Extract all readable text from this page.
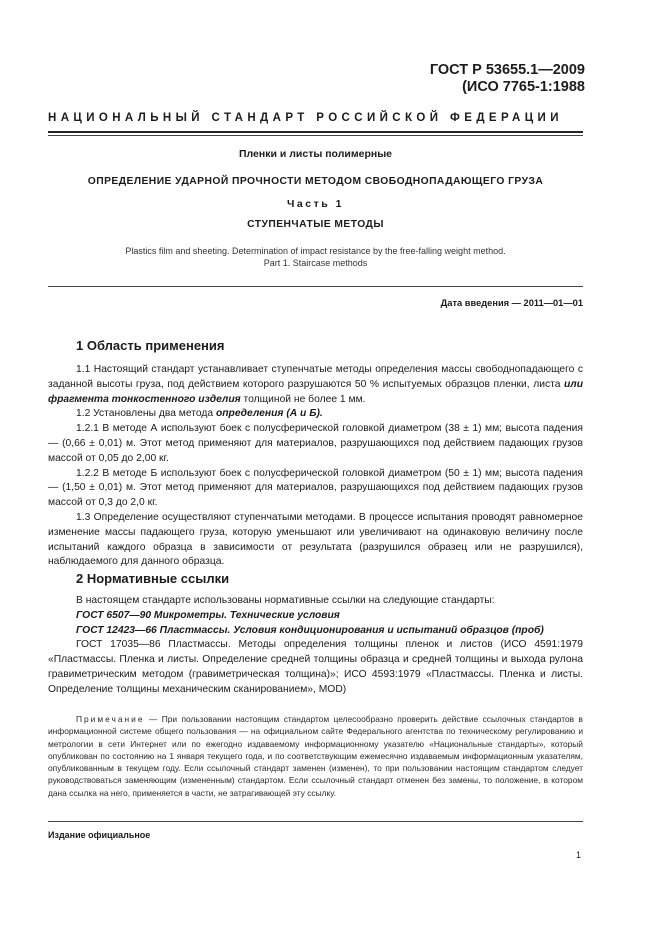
ГОСТ Р 53655.1—2009
(ИСО 7765-1:1988
НАЦИОНАЛЬНЫЙ СТАНДАРТ РОССИЙСКОЙ ФЕДЕРАЦИИ
Пленки и листы полимерные
ОПРЕДЕЛЕНИЕ УДАРНОЙ ПРОЧНОСТИ МЕТОДОМ СВОБОДНОПАДАЮЩЕГО ГРУЗА
Часть 1
СТУПЕНЧАТЫЕ МЕТОДЫ
Plastics film and sheeting. Determination of impact resistance by the free-falling weight method.
Part 1. Staircase methods
Дата введения — 2011—01—01
1 Область применения

1.1 Настоящий стандарт устанавливает ступенчатые методы определения массы свободнопадающего с заданной высоты груза, под действием которого разрушаются 50 % испытуемых образцов пленки, листа или фрагмента тонкостенного изделия толщиной не более 1 мм.

1.2 Установлены два метода определения (А и Б).

1.2.1 В методе А используют боек с полусферической головкой диаметром (38 ± 1) мм; высота падения — (0,66 ± 0,01) м. Этот метод применяют для материалов, разрушающихся под действием падающих грузов массой от 0,05 до 2,00 кг.

1.2.2 В методе Б используют боек с полусферической головкой диаметром (50 ± 1) мм; высота падения — (1,50 ± 0,01) м. Этот метод применяют для материалов, разрушающихся под действием падающих грузов массой от 0,3 до 2,0 кг.

1.3 Определение осуществляют ступенчатыми методами. В процессе испытания проводят равномерное изменение массы падающего груза, которую уменьшают или увеличивают на одинаковую величину после испытаний каждого образца в зависимости от результата (разрушился образец или не разрушился), наблюдаемого для данного образца.

2 Нормативные ссылки

В настоящем стандарте использованы нормативные ссылки на следующие стандарты:

ГОСТ 6507—90 Микрометры. Технические условия

ГОСТ 12423—66 Пластмассы. Условия кондиционирования и испытаний образцов (проб)

ГОСТ 17035—86 Пластмассы. Методы определения толщины пленок и листов (ИСО 4591:1979 «Пластмассы. Пленка и листы. Определение средней толщины образца и средней толщины и выхода рулона гравиметрическим методом (гравиметрическая толщина)»; ИСО 4593:1979 «Пластмассы. Пленка и листы. Определение толщины механическим сканированием», MOD)

Примечание — При пользовании настоящим стандартом целесообразно проверить действие ссылочных стандартов в информационной системе общего пользования — на официальном сайте Федерального агентства по техническому регулированию и метрологии в сети Интернет или по ежегодно издаваемому информационному указателю «Национальные стандарты», который опубликован по состоянию на 1 января текущего года, и по соответствующим ежемесячно издаваемым информационным указателям, опубликованным в текущем году. Если ссылочный стандарт заменен (изменен), то при пользовании настоящим стандартом следует руководствоваться заменяющим (измененным) стандартом. Если ссылочный стандарт отменен без замены, то положение, в котором дана ссылка на него, применяется в части, не затрагивающей эту ссылку.

Издание официальное
1
